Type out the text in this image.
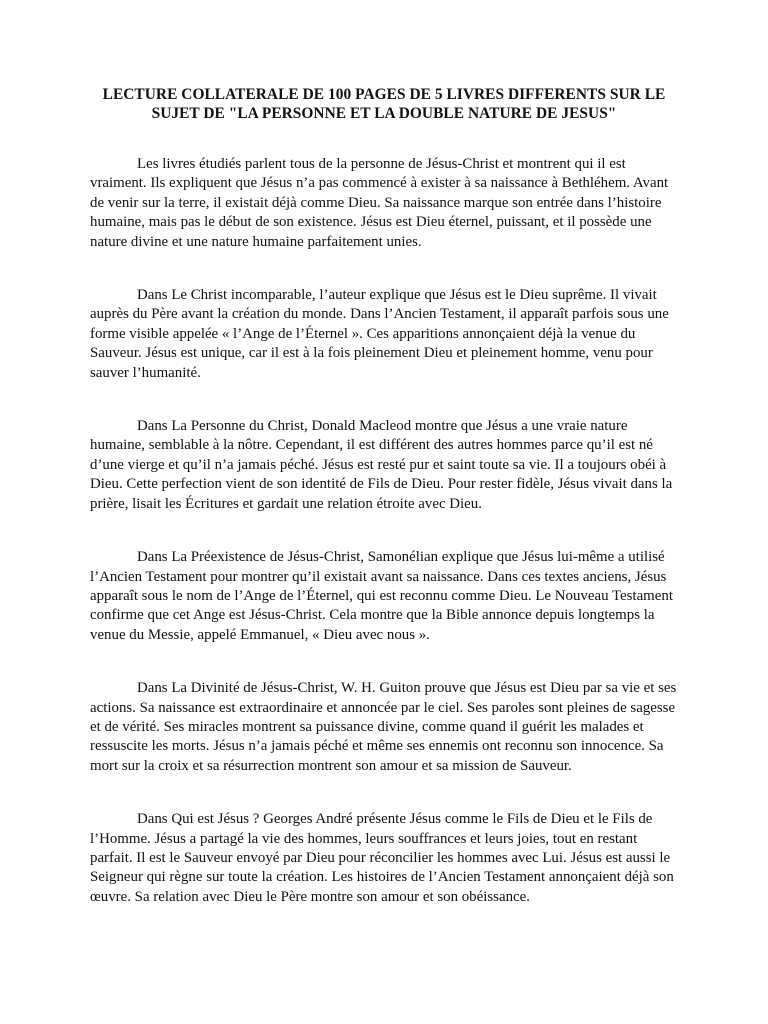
LECTURE COLLATERALE DE 100 PAGES DE 5 LIVRES DIFFERENTS SUR LE SUJET DE "LA PERSONNE ET LA DOUBLE NATURE DE JESUS"

Les livres étudiés parlent tous de la personne de Jésus-Christ et montrent qui il est vraiment. Ils expliquent que Jésus n’a pas commencé à exister à sa naissance à Bethléhem. Avant de venir sur la terre, il existait déjà comme Dieu. Sa naissance marque son entrée dans l’histoire humaine, mais pas le début de son existence. Jésus est Dieu éternel, puissant, et il possède une nature divine et une nature humaine parfaitement unies.

Dans Le Christ incomparable, l’auteur explique que Jésus est le Dieu suprême. Il vivait auprès du Père avant la création du monde. Dans l’Ancien Testament, il apparaît parfois sous une forme visible appelée « l’Ange de l’Éternel ». Ces apparitions annonçaient déjà la venue du Sauveur. Jésus est unique, car il est à la fois pleinement Dieu et pleinement homme, venu pour sauver l’humanité.

Dans La Personne du Christ, Donald Macleod montre que Jésus a une vraie nature humaine, semblable à la nôtre. Cependant, il est différent des autres hommes parce qu’il est né d’une vierge et qu’il n’a jamais péché. Jésus est resté pur et saint toute sa vie. Il a toujours obéi à Dieu. Cette perfection vient de son identité de Fils de Dieu. Pour rester fidèle, Jésus vivait dans la prière, lisait les Écritures et gardait une relation étroite avec Dieu.

Dans La Préexistence de Jésus-Christ, Samonélian explique que Jésus lui-même a utilisé l’Ancien Testament pour montrer qu’il existait avant sa naissance. Dans ces textes anciens, Jésus apparaît sous le nom de l’Ange de l’Éternel, qui est reconnu comme Dieu. Le Nouveau Testament confirme que cet Ange est Jésus-Christ. Cela montre que la Bible annonce depuis longtemps la venue du Messie, appelé Emmanuel, « Dieu avec nous ».

Dans La Divinité de Jésus-Christ, W. H. Guiton prouve que Jésus est Dieu par sa vie et ses actions. Sa naissance est extraordinaire et annoncée par le ciel. Ses paroles sont pleines de sagesse et de vérité. Ses miracles montrent sa puissance divine, comme quand il guérit les malades et ressuscite les morts. Jésus n’a jamais péché et même ses ennemis ont reconnu son innocence. Sa mort sur la croix et sa résurrection montrent son amour et sa mission de Sauveur.

Dans Qui est Jésus ? Georges André présente Jésus comme le Fils de Dieu et le Fils de l’Homme. Jésus a partagé la vie des hommes, leurs souffrances et leurs joies, tout en restant parfait. Il est le Sauveur envoyé par Dieu pour réconcilier les hommes avec Lui. Jésus est aussi le Seigneur qui règne sur toute la création. Les histoires de l’Ancien Testament annonçaient déjà son œuvre. Sa relation avec Dieu le Père montre son amour et son obéissance.
